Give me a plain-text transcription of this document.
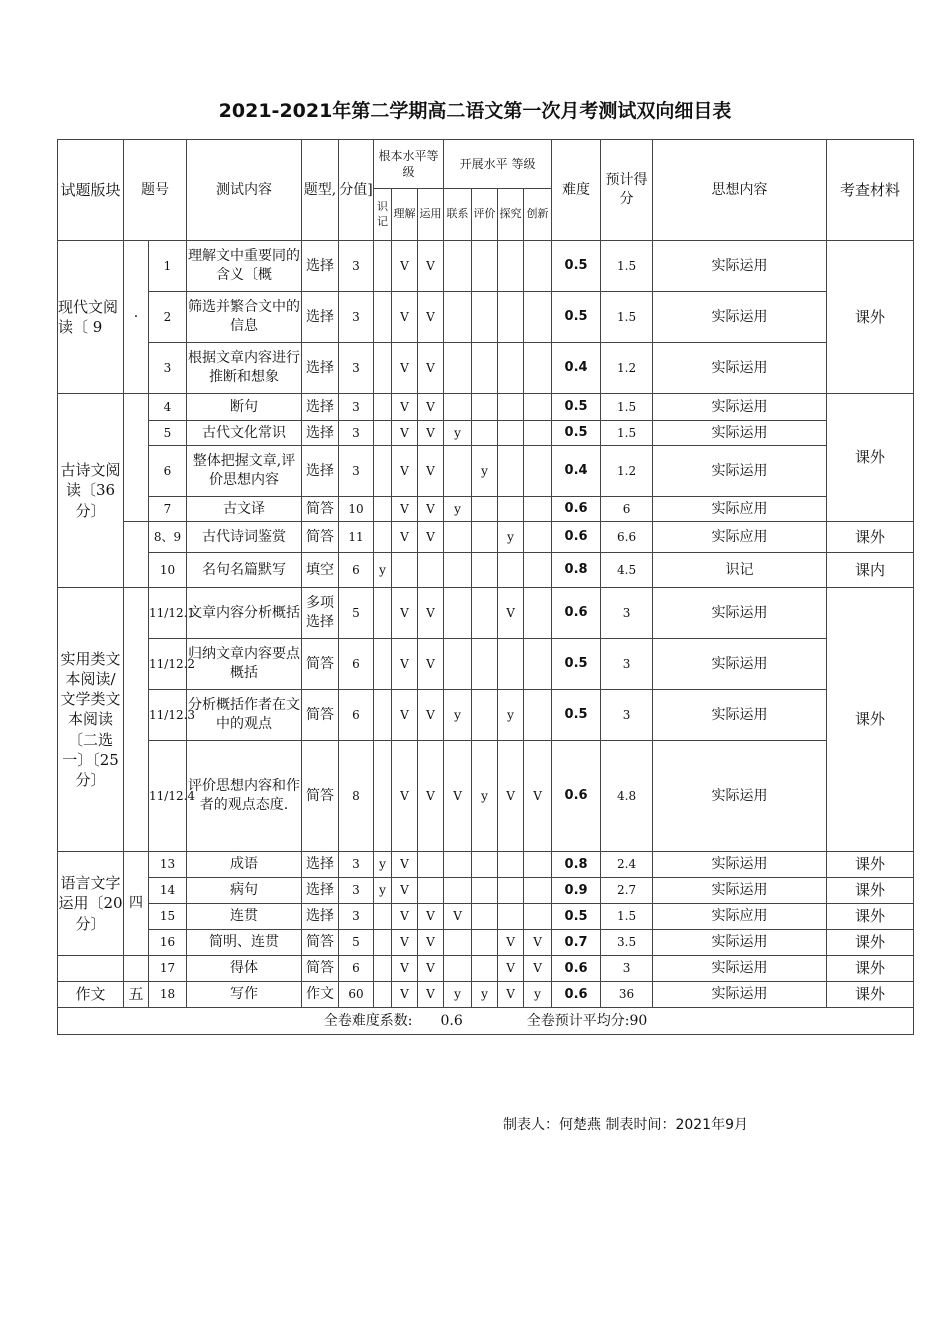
2021-2021年第二学期高二语文第一次月考测试双向细目表
试题版块	题号		测试内容	题型,	分值]	根本水平等级			开展水平 等级				难度	预计得分	思想内容	考查材料
						识记	理解	运用	联系	评价	探究	创新				
现代文阅读〔 9	·	1	理解文中重要同的含义〔概	选择	3		V	V					0.5	1.5	实际运用	课外
		2	筛选并繁合文中的信息	选择	3		V	V					0.5	1.5	实际运用	
		3	根据文章内容进行推断和想象	选择	3		V	V					0.4	1.2	实际运用	
古诗文阅读〔36分〕		4	断句	选择	3		V	V					0.5	1.5	实际运用	课外
		5	古代文化常识	选择	3		V	V	y				0.5	1.5	实际运用	
		6	整体把握文章,评价思想内容	选择	3		V	V		y			0.4	1.2	实际运用	
		7	古文译	简答	10		V	V	y				0.6	6	实际应用	
		8、9	古代诗词鉴赏	简答	11		V	V			y		0.6	6.6	实际应用	课外
		10	名句名篇默写	填空	6	y							0.8	4.5	识记	课内
实用类文本阅读/文学类文本阅读〔二选一〕〔25分〕		11/12.1	文章内容分析概括	多项选择	5		V	V			V		0.6	3	实际运用	课外
		11/12.2	归纳文章内容要点概括	简答	6		V	V					0.5	3	实际运用	
		11/12.3	分析概括作者在文中的观点	简答	6		V	V	y		y		0.5	3	实际运用	
		11/12.4	评价思想内容和作者的观点态度.	简答	8		V	V	V	y	V	V	0.6	4.8	实际运用	
语言文字运用〔20
分〕	四	13	成语	选择	3	y	V						0.8	2.4	实际运用	课外
		14	病句	选择	3	y	V						0.9	2.7	实际运用	课外
		15	连贯	选择	3		V	V	V				0.5	1.5	实际应用	课外
		16	简明、连贯	简答	5		V	V			V	V	0.7	3.5	实际运用	课外
		17	得体	简答	6		V	V			V	V	0.6	3	实际运用	课外
作文	五	18	写作	作文	60		V	V	y	y	V	y	0.6	36	实际运用	课外
全卷难度系数: 0.6 全卷预计平均分:90																
制表人：何楚燕 制表时间：2021年9月
